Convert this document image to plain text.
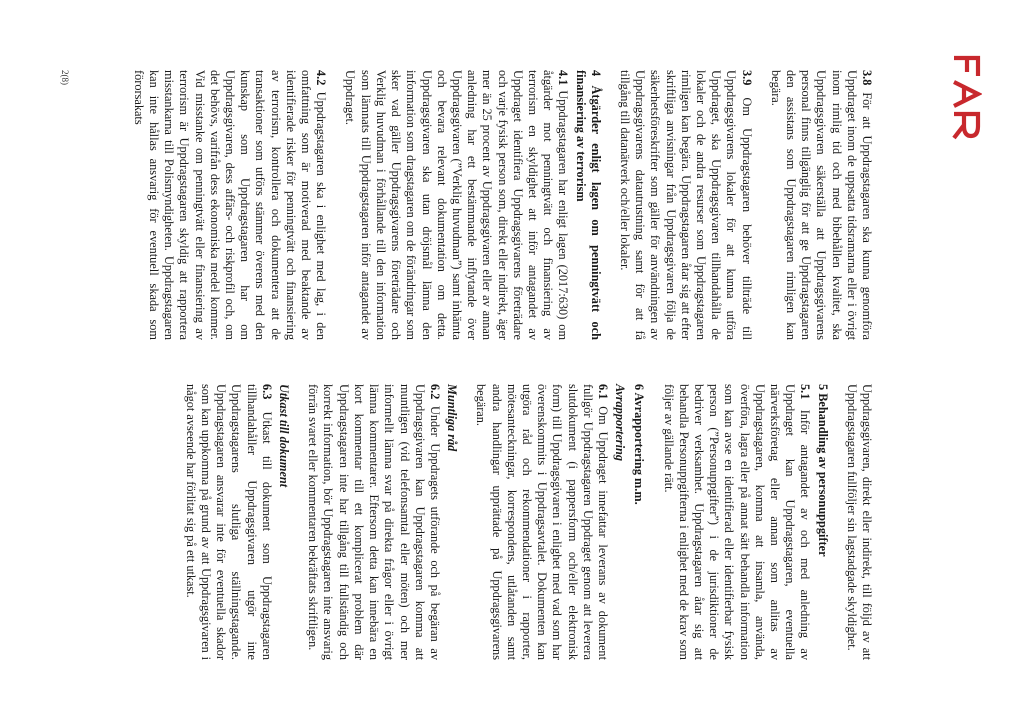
3.8 För att Uppdragstagaren ska kunna genomföra Uppdraget inom de uppsatta tidsramarna eller i övrigt inom rimlig tid och med bibehållen kvalitet, ska Uppdragsgivaren säkerställa att Uppdragsgivarens personal finns tillgänglig för att ge Uppdragstagaren den assistans som Uppdragstagaren rimligen kan begära.

3.9 Om Uppdragstagaren behöver tillträde till Uppdragsgivarens lokaler för att kunna utföra Uppdraget, ska Uppdragsgivaren tillhandahålla de lokaler och de andra resurser som Uppdragstagaren rimligen kan begära. Uppdragstagaren åtar sig att efter skriftliga anvisningar från Uppdragsgivaren följa de säkerhetsföreskrifter som gäller för användningen av Uppdragsgivarens datautrustning samt för att få tillgång till datanätverk och/eller lokaler.

4 Åtgärder enligt lagen om penningtvätt och finansiering av terrorism

4.1 Uppdragstagaren har enligt lagen (2017:630) om åtgärder mot penningtvätt och finansiering av terrorism en skyldighet att inför antagandet av Uppdraget identifiera Uppdragsgivarens företrädare och varje fysisk person som, direkt eller indirekt, äger mer än 25 procent av Uppdragsgivaren eller av annan anledning har ett bestämmande inflytande över Uppdragsgivaren (”Verklig huvudman”) samt inhämta och bevara relevant dokumentation om detta. Uppdragsgivaren ska utan dröjsmål lämna den information som dragstagaren om de förändringar som sker vad gäller Uppdragsgivarens företrädare och Verklig huvudman i förhållande till den information som lämnats till Uppdragstagaren inför antagandet av Uppdraget.

4.2 Uppdragstagaren ska i enlighet med lag, i den omfattning som är motiverad med beaktande av identifierade risker för penningtvätt och finansiering av terrorism, kontrollera och dokumentera att de transaktioner som utförs stämmer överens med den kunskap som Uppdragstagaren har om Uppdragsgivaren, dess affärs- och riskprofil och, om det behövs, varifrån dess ekonomiska medel kommer. Vid misstanke om penningtvätt eller finansiering av terrorism är Uppdragstagaren skyldig att rapportera misstankarna till Polismyndigheten. Uppdragstagaren kan inte hållas ansvarig för eventuell skada som förorsakats

Uppdragsgivaren, direkt eller indirekt, till följd av att Uppdragstagaren fullföljer sin lagstadgade skyldighet.

5 Behandling av personuppgifter

5.1 Inför antagandet av och med anledning av Uppdraget kan Uppdragstagaren, eventuella närverksföretag eller annan som anlitas av Uppdragstagaren, komma att insamla, använda, överföra, lagra eller på annat sätt behandla information som kan avse en identifierad eller identifierbar fysisk person (”Personuppgifter”) i de jurisdiktioner de bedriver verksamhet. Uppdragstagaren åtar sig att behandla Personuppgifterna i enlighet med de krav som följer av gällande rätt.

6 Avrapportering m.m.
Avrapportering

6.1 Om Uppdraget innefattar leverans av dokument fullgör Uppdragstagaren Uppdraget genom att leverera slutdokument (i pappersform och/eller elektronisk form) till Uppdragsgivaren i enlighet med vad som har överenskommits i Uppdragsavtalet. Dokumenten kan utgöra råd och rekommendationer i rapporter, mötesanteckningar, korrespondens, utlåtanden samt andra handlingar upprättade på Uppdragsgivarens begäran.

Muntliga råd

6.2 Under Uppdragets utförande och på begäran av Uppdragsgivaren kan Uppdragstagaren komma att muntligen (vid telefonsamtal eller möten) och mer informellt lämna svar på direkta frågor eller i övrigt lämna kommentarer. Eftersom detta kan innebära en kort kommentar till ett komplicerat problem där Uppdragstagaren inte har tillgång till fullständig och korrekt information, bör Uppdragstagaren inte ansvarig förrän svaret eller kommentaren bekräftats skriftligen.

Utkast till dokument

6.3 Utkast till dokument som Uppdragstagaren tillhandahåller Uppdragsgivaren utgör inte Uppdragstagarens slutliga ställningstagande. Uppdragstagaren ansvarar inte för eventuella skador som kan uppkomma på grund av att Uppdragsgivaren i något avseende har förlitat sig på ett utkast.

2(8)
